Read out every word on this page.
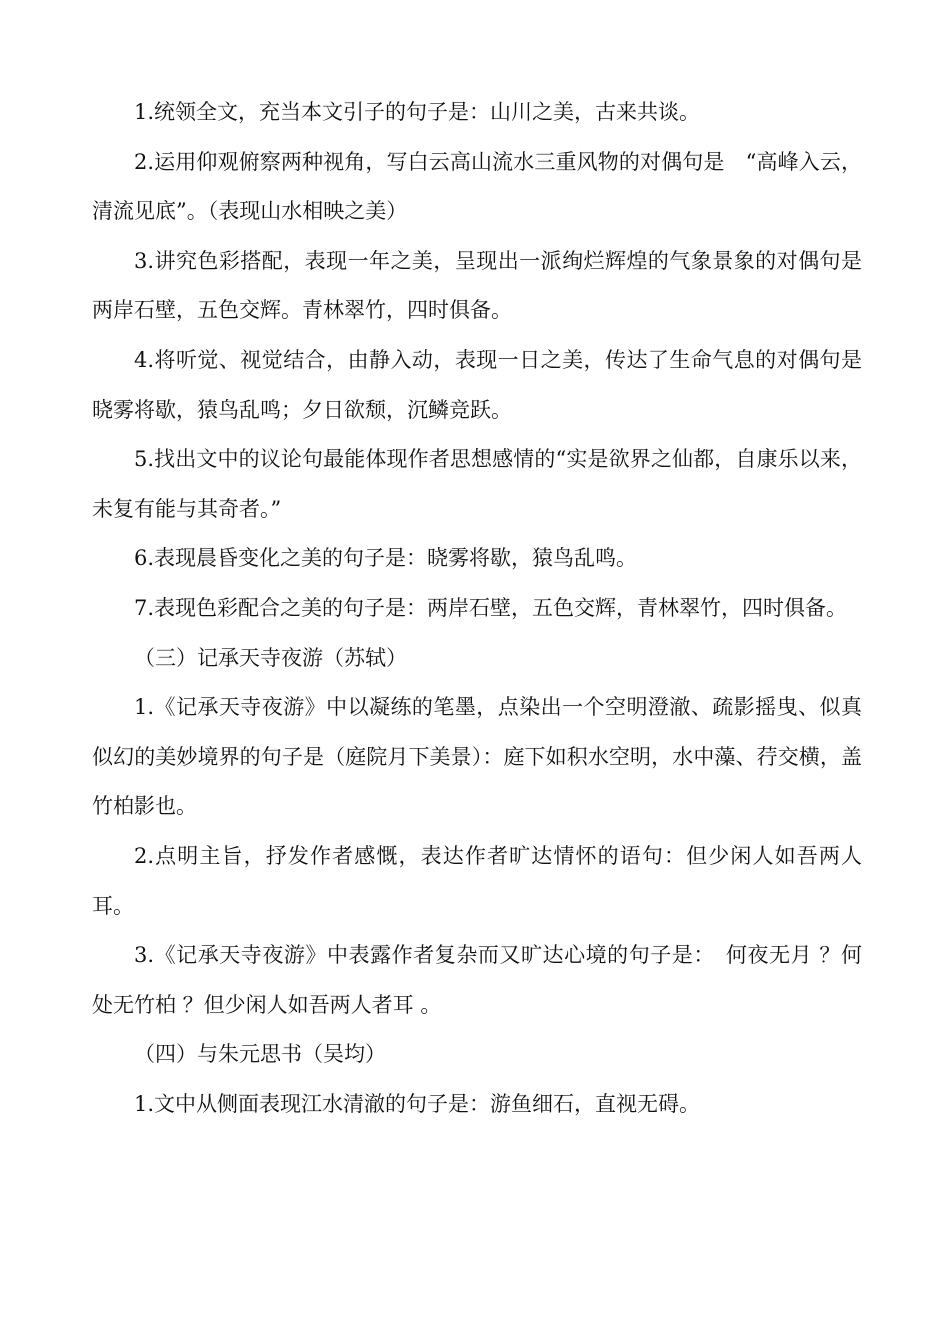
1.统领全文，充当本文引子的句子是：山川之美，古来共谈。

2.运用仰观俯察两种视角，写白云高山流水三重风物的对偶句是　“高峰入云，清流见底”。（表现山水相映之美）

3.讲究色彩搭配，表现一年之美，呈现出一派绚烂辉煌的气象景象的对偶句是两岸石壁，五色交辉。青林翠竹，四时俱备。

4.将听觉、视觉结合，由静入动，表现一日之美，传达了生命气息的对偶句是晓雾将歇，猿鸟乱鸣；夕日欲颓，沉鳞竞跃。

5.找出文中的议论句最能体现作者思想感情的“实是欲界之仙都，自康乐以来，未复有能与其奇者。”

6.表现晨昏变化之美的句子是：晓雾将歇，猿鸟乱鸣。

7.表现色彩配合之美的句子是：两岸石壁，五色交辉，青林翠竹，四时俱备。

（三）记承天寺夜游（苏轼）

1.《记承天寺夜游》中以凝练的笔墨，点染出一个空明澄澈、疏影摇曳、似真似幻的美妙境界的句子是（庭院月下美景）：庭下如积水空明，水中藻、荇交横，盖竹柏影也。

2.点明主旨，抒发作者感慨，表达作者旷达情怀的语句：但少闲人如吾两人耳。

3.《记承天寺夜游》中表露作者复杂而又旷达心境的句子是：　何夜无月 ？何处无竹柏 ？但少闲人如吾两人者耳 。

（四）与朱元思书（吴均）

1.文中从侧面表现江水清澈的句子是：游鱼细石，直视无碍。
